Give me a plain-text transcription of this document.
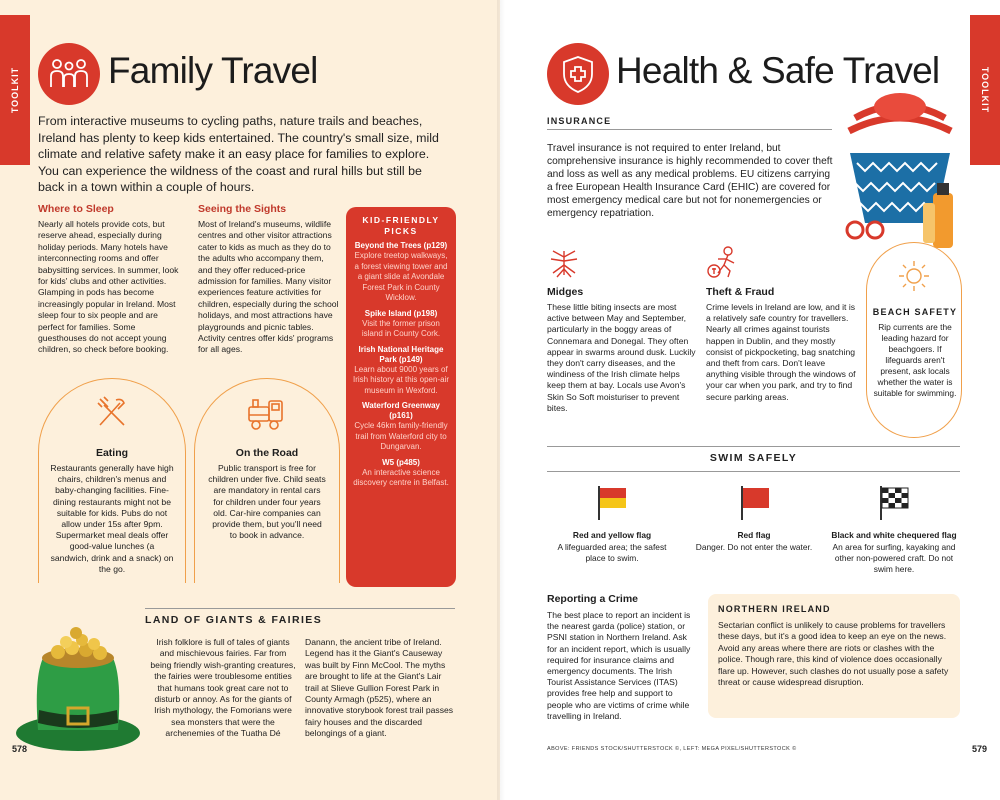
TOOLKIT Family Travel
From interactive museums to cycling paths, nature trails and beaches, Ireland has plenty to keep kids entertained. The country's small size, mild climate and relative safety make it an easy place for families to explore. You can experience the wildness of the coast and rural hills but still be back in a town within a couple of hours.
Where to Sleep
Nearly all hotels provide cots, but reserve ahead, especially during holiday periods. Many hotels have interconnecting rooms and offer babysitting services. In summer, look for kids' clubs and other activities. Glamping in pods has become increasingly popular in Ireland. Most sleep four to six people and are perfect for families. Some guesthouses do not accept young children, so check before booking.
Seeing the Sights
Most of Ireland's museums, wildlife centres and other visitor attractions cater to kids as much as they do to the adults who accompany them, and they offer reduced-price admission for families. Many visitor experiences feature activities for children, especially during the school holidays, and most attractions have playgrounds and picnic tables. Activity centres offer kids' programs for all ages.
KID-FRIENDLY PICKS
Beyond the Trees (p129)
Explore treetop walkways, a forest viewing tower and a giant slide at Avondale Forest Park in County Wicklow.
Spike Island (p198)
Visit the former prison island in County Cork.
Irish National Heritage Park (p149)
Learn about 9000 years of Irish history at this open-air museum in Wexford.
Waterford Greenway (p161)
Cycle 46km family-friendly trail from Waterford city to Dungarvan.
W5 (p485)
An interactive science discovery centre in Belfast.
Eating
Restaurants generally have high chairs, children's menus and baby-changing facilities. Fine-dining restaurants might not be suitable for kids. Pubs do not allow under 15s after 9pm. Supermarket meal deals offer good-value lunches (a sandwich, drink and a snack) on the go.
On the Road
Public transport is free for children under five. Child seats are mandatory in rental cars for children under four years old. Car-hire companies can provide them, but you'll need to book in advance.
LAND OF GIANTS & FAIRIES
Irish folklore is full of tales of giants and mischievous fairies. Far from being friendly wish-granting creatures, the fairies were troublesome entities that humans took great care not to disturb or annoy. As for the giants of Irish mythology, the Fomorians were sea monsters that were the archenemies of the Tuatha Dé
Danann, the ancient tribe of Ireland. Legend has it the Giant's Causeway was built by Finn McCool. The myths are brought to life at the Giant's Lair trail at Slieve Gullion Forest Park in County Armagh (p525), where an innovative storybook forest trail passes fairy houses and the discarded belongings of a giant.
578
TOOLKIT
Health & Safe Travel
INSURANCE
Travel insurance is not required to enter Ireland, but comprehensive insurance is highly recommended to cover theft and loss as well as any medical problems. EU citizens carrying a free European Health Insurance Card (EHIC) are covered for most emergency medical care but not for nonemergencies or emergency repatriation.
Midges
These little biting insects are most active between May and September, particularly in the boggy areas of Connemara and Donegal. They often appear in swarms around dusk. Luckily they don't carry diseases, and the windiness of the Irish climate helps keep them at bay. Locals use Avon's Skin So Soft moisturiser to prevent bites.
Theft & Fraud
Crime levels in Ireland are low, and it is a relatively safe country for travellers. Nearly all crimes against tourists happen in Dublin, and they mostly consist of pickpocketing, bag snatching and theft from cars. Don't leave anything visible through the windows of your car when you park, and try to find secure parking areas.
BEACH SAFETY
Rip currents are the leading hazard for beachgoers. If lifeguards aren't present, ask locals whether the water is suitable for swimming.
SWIM SAFELY
Red and yellow flag
A lifeguarded area; the safest place to swim.
Red flag
Danger. Do not enter the water.
Black and white chequered flag
An area for surfing, kayaking and other non-powered craft. Do not swim here.
Reporting a Crime
The best place to report an incident is the nearest garda (police) station, or PSNI station in Northern Ireland. Ask for an incident report, which is usually required for insurance claims and emergency documents. The Irish Tourist Assistance Services (ITAS) provides free help and support to people who are victims of crime while travelling in Ireland.
NORTHERN IRELAND
Sectarian conflict is unlikely to cause problems for travellers these days, but it's a good idea to keep an eye on the news. Avoid any areas where there are riots or clashes with the police. Though rare, this kind of violence does occasionally flare up. However, such clashes do not usually pose a safety threat or cause widespread disruption.
ABOVE: FRIENDS STOCK/SHUTTERSTOCK ©, LEFT: MEGA PIXEL/SHUTTERSTOCK ©	579
